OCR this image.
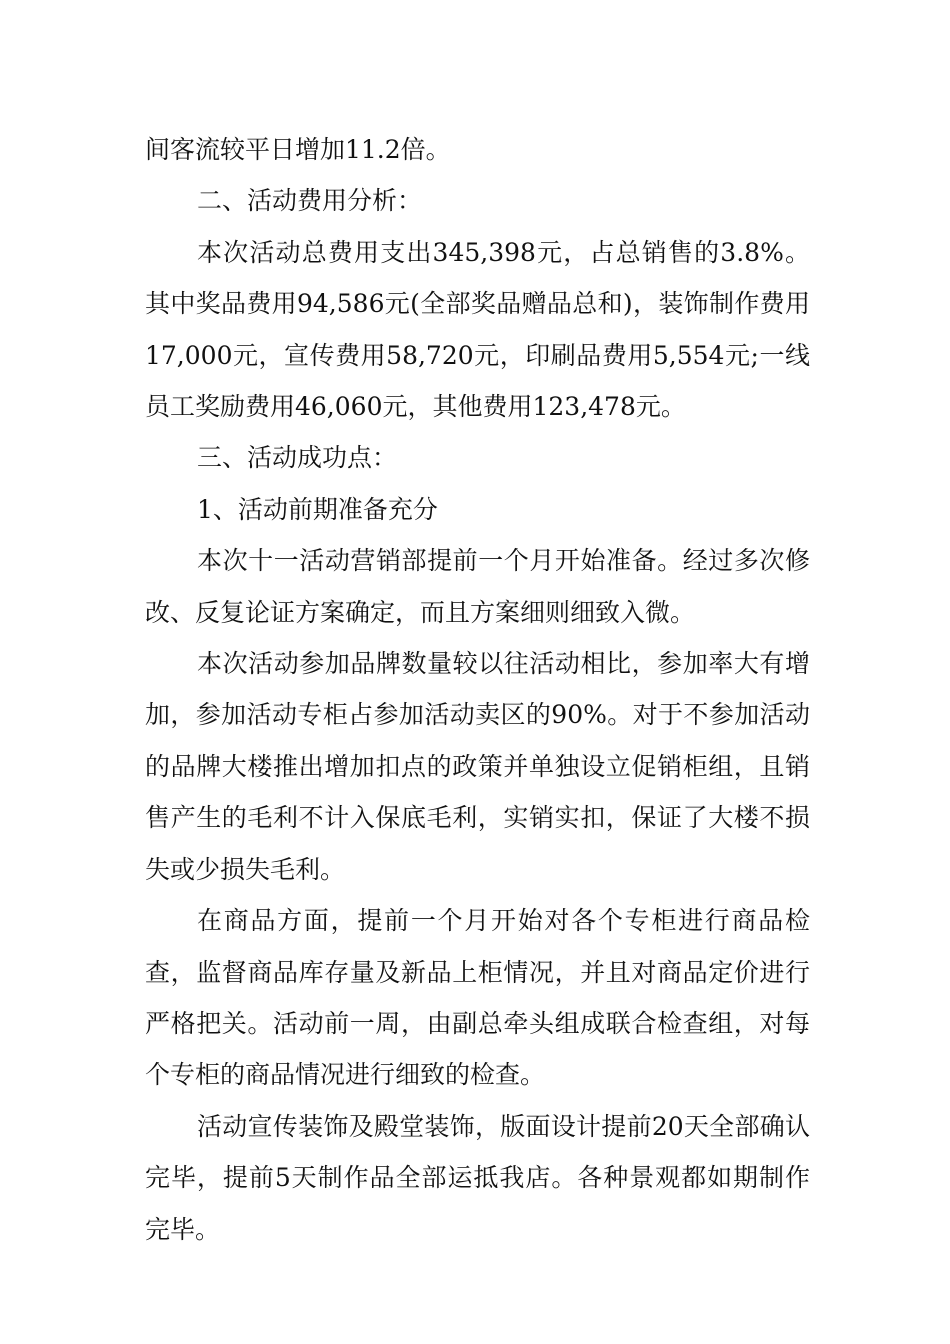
间客流较平日增加11.2倍。

二、活动费用分析：

本次活动总费用支出345,398元，占总销售的3.8%。其中奖品费用94,586元(全部奖品赠品总和)，装饰制作费用17,000元，宣传费用58,720元，印刷品费用5,554元;一线员工奖励费用46,060元，其他费用123,478元。

三、活动成功点：

1、活动前期准备充分

本次十一活动营销部提前一个月开始准备。经过多次修改、反复论证方案确定，而且方案细则细致入微。

本次活动参加品牌数量较以往活动相比，参加率大有增加，参加活动专柜占参加活动卖区的90%。对于不参加活动的品牌大楼推出增加扣点的政策并单独设立促销柜组，且销售产生的毛利不计入保底毛利，实销实扣，保证了大楼不损失或少损失毛利。

在商品方面，提前一个月开始对各个专柜进行商品检查，监督商品库存量及新品上柜情况，并且对商品定价进行严格把关。活动前一周，由副总牵头组成联合检查组，对每个专柜的商品情况进行细致的检查。

活动宣传装饰及殿堂装饰，版面设计提前20天全部确认完毕，提前5天制作品全部运抵我店。各种景观都如期制作完毕。
